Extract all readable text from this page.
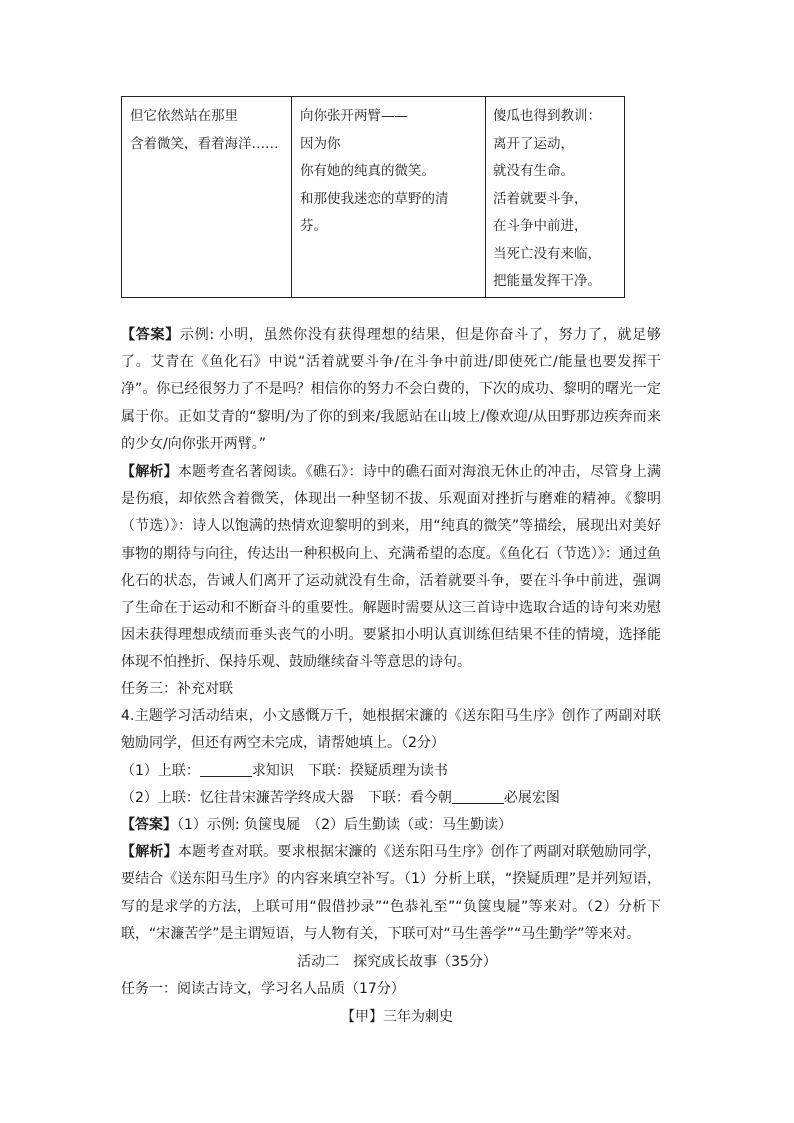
但它依然站在那里
含着微笑，看着海洋……

向你张开两臂——
因为你
你有她的纯真的微笑。
和那使我迷恋的草野的清
芬。

傻瓜也得到教训：
离开了运动，
就没有生命。
活着就要斗争，
在斗争中前进，
当死亡没有来临，
把能量发挥干净。

【答案】示例: 小明，虽然你没有获得理想的结果，但是你奋斗了，努力了，就足够了。艾青在《鱼化石》中说“活着就要斗争/在斗争中前进/即使死亡/能量也要发挥干净”。你已经很努力了不是吗？相信你的努力不会白费的，下次的成功、黎明的曙光一定属于你。正如艾青的“黎明/为了你的到来/我愿站在山坡上/像欢迎/从田野那边疾奔而来的少女/向你张开两臂。”

【解析】本题考查名著阅读。《礁石》：诗中的礁石面对海浪无休止的冲击，尽管身上满是伤痕，却依然含着微笑，体现出一种坚韧不拔、乐观面对挫折与磨难的精神。《黎明（节选）》：诗人以饱满的热情欢迎黎明的到来，用“纯真的微笑”等描绘，展现出对美好事物的期待与向往，传达出一种积极向上、充满希望的态度。《鱼化石（节选）》：通过鱼化石的状态，告诫人们离开了运动就没有生命，活着就要斗争，要在斗争中前进，强调了生命在于运动和不断奋斗的重要性。解题时需要从这三首诗中选取合适的诗句来劝慰因未获得理想成绩而垂头丧气的小明。要紧扣小明认真训练但结果不佳的情境，选择能体现不怕挫折、保持乐观、鼓励继续奋斗等意思的诗句。

任务三：补充对联

4.主题学习活动结束，小文感慨万千，她根据宋濂的《送东阳马生序》创作了两副对联勉励同学，但还有两空未完成，请帮她填上。（2分）

（1）上联：	求知识　下联：揆疑质理为读书

（2）上联：忆往昔宋濂苦学终成大器　下联：看今朝	必展宏图

【答案】（1）示例: 负箧曳屣　（2）后生勤读（或：马生勤读）

【解析】本题考查对联。要求根据宋濂的《送东阳马生序》创作了两副对联勉励同学，要结合《送东阳马生序》的内容来填空补写。（1）分析上联，“揆疑质理”是并列短语，写的是求学的方法，上联可用“假借抄录”“色恭礼至”“负箧曳屣”等来对。（2）分析下联，“宋濂苦学”是主谓短语，与人物有关，下联可对“马生善学”“马生勤学”等来对。

活动二　探究成长故事（35分）
任务一：阅读古诗文，学习名人品质（17分）
【甲】三年为刺史
